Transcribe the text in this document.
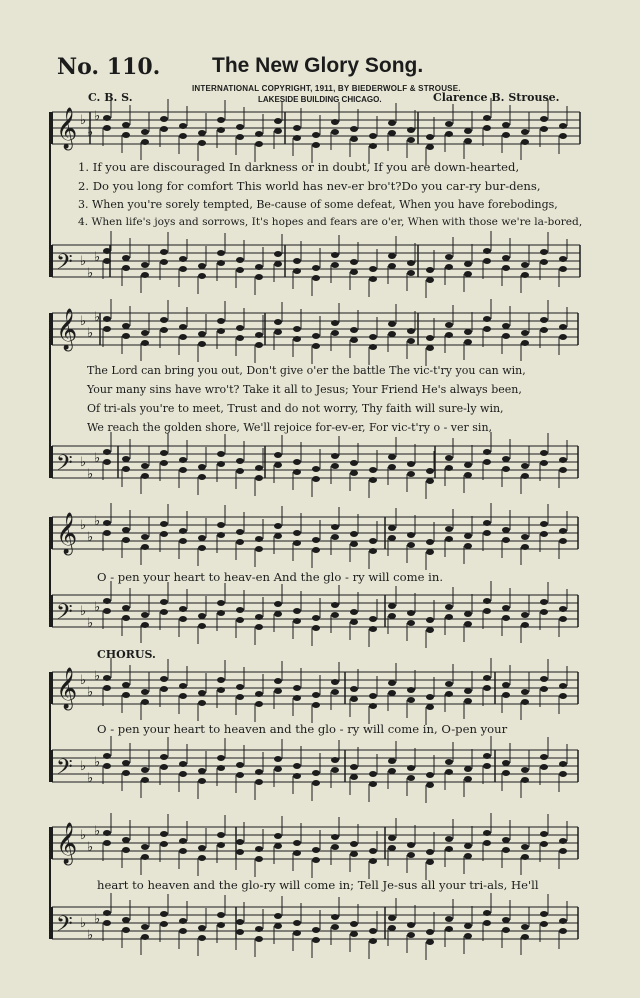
No. 110. The New Glory Song.
INTERNATIONAL COPYRIGHT, 1911, BY BIEDERWOLF & STROUSE.
LAKESIDE BUILDING CHICAGO.
C. B. S.	Clarence B. Strouse.
𝄞 ♭
♭
♭
𝄢 ♭
♭
♭
𝄞 ♭
♭
♭
𝄢 ♭
♭
♭
𝄞 ♭
♭
♭
𝄢 ♭
♭
♭
𝄞 ♭
♭
♭
𝄢 ♭
♭
♭
𝄞 ♭
♭
♭
𝄢 ♭
♭
♭
1. If you are discouraged In darkness or in doubt, If you are down-hearted,
2. Do you long for comfort This world has nev-er bro't?Do you car-ry bur-dens,
3. When you're sorely tempted, Be-cause of some defeat, When you have forebodings,
4. When life's joys and sorrows, It's hopes and fears are o'er, When with those we're la-bored,
The Lord can bring you out, Don't give o'er the battle The vic-t'ry you can win,
Your many sins have wro't? Take it all to Jesus; Your Friend He's always been,
Of tri-als you're to meet, Trust and do not worry, Thy faith will sure-ly win,
We reach the golden shore, We'll rejoice for-ev-er, For vic-t'ry o - ver sin,
O - pen your heart to heav-en And the glo - ry will come in.
CHORUS.
O - pen your heart to heaven and the glo - ry will come in, O-pen your
heart to heaven and the glo-ry will come in; Tell Je-sus all your tri-als, He'll
